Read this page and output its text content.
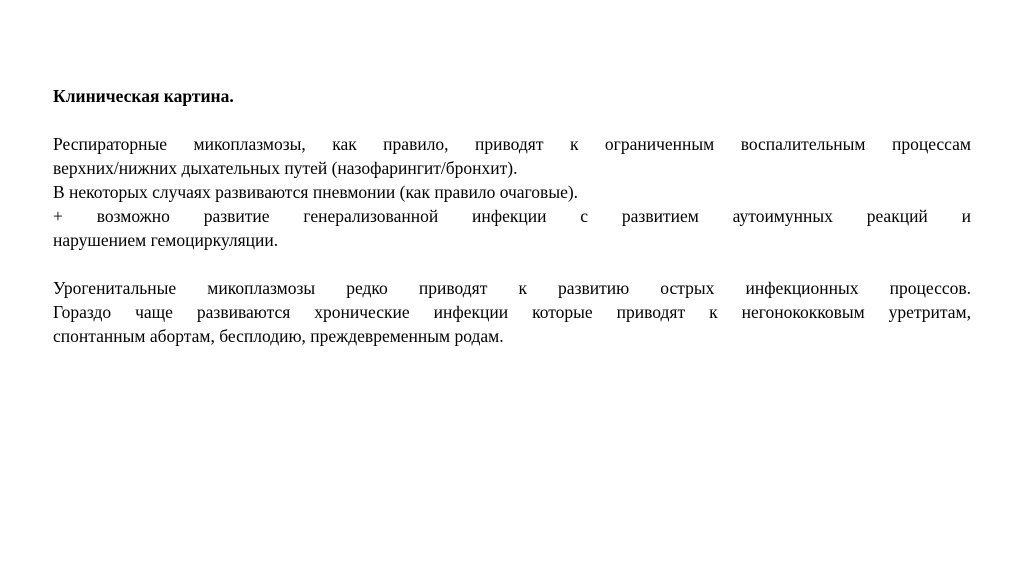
Клиническая картина.

Респираторные микоплазмозы, как правило, приводят к ограниченным воспалительным процессам

верхних/нижних дыхательных путей (назофарингит/бронхит).

В некоторых случаях развиваются пневмонии (как правило очаговые).

+ возможно развитие генерализованной инфекции с развитием аутоимунных реакций и

нарушением гемоциркуляции.

Урогенитальные микоплазмозы редко приводят к развитию острых инфекционных процессов.

Гораздо чаще развиваются хронические инфекции которые приводят к негонококковым уретритам,

спонтанным абортам, бесплодию, преждевременным родам.
